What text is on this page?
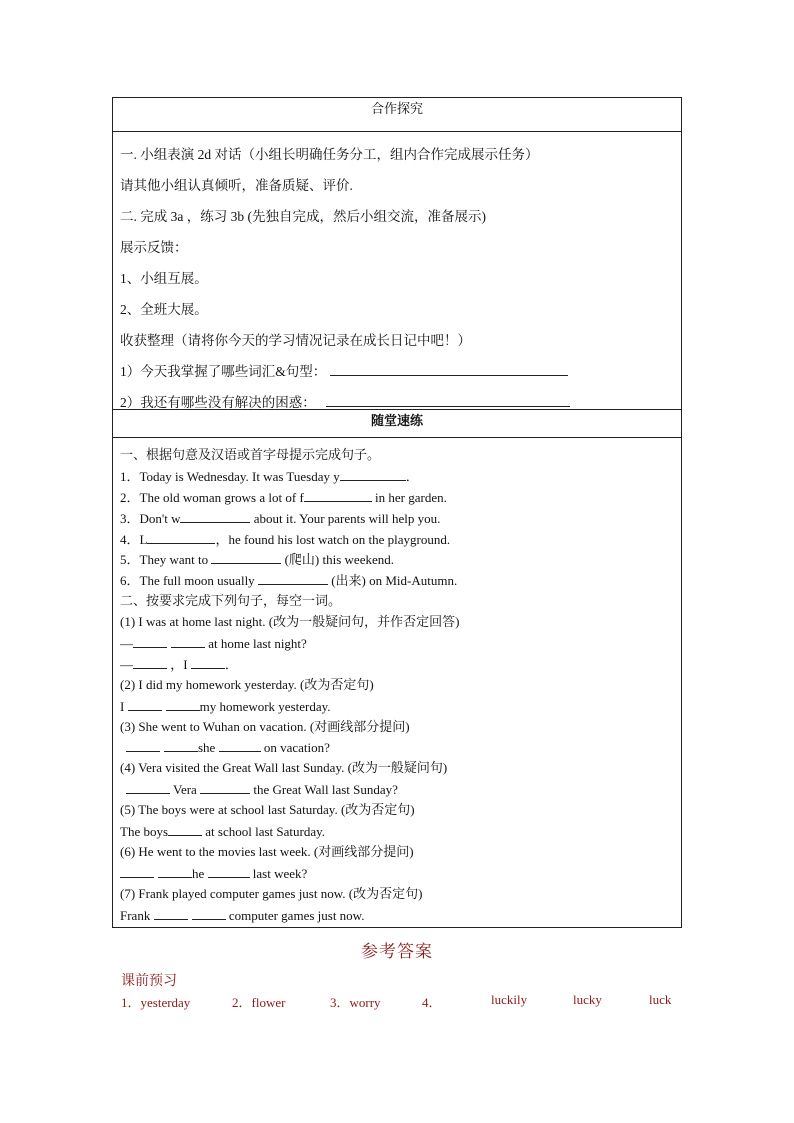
合作探究

一. 小组表演 2d 对话（小组长明确任务分工，组内合作完成展示任务）

请其他小组认真倾听，准备质疑、评价.

二. 完成 3a ，练习 3b (先独自完成，然后小组交流，准备展示)

展示反馈：

1、小组互展。

2、全班大展。

收获整理（请将你今天的学习情况记录在成长日记中吧！）

1）今天我掌握了哪些词汇&句型：

2）我还有哪些没有解决的困惑：

随堂速练

一、根据句意及汉语或首字母提示完成句子。

1．Today is Wednesday. It was Tuesday y	．

2．The old woman grows a lot of f	in her garden.

3．Don't w	about it. Your parents will help you.

4．L	，he found his lost watch on the playground.

5．They want to	(爬山) this weekend.

6．The full moon usually	(出来) on Mid-Autumn.

二、按要求完成下列句子，每空一词。

(1) I was at home last night. (改为一般疑问句，并作否定回答)

—	at home last night?

—	，I	．

(2) I did my homework yesterday. (改为否定句)

I	my homework yesterday.

(3) She went to Wuhan on vacation. (对画线部分提问)

she	on vacation?

(4) Vera visited the Great Wall last Sunday. (改为一般疑问句)

Vera	the Great Wall last Sunday?

(5) The boys were at school last Saturday. (改为否定句)

The boys	at school last Saturday.

(6) He went to the movies last week. (对画线部分提问)

he	last week?

(7) Frank played computer games just now. (改为否定句)

Frank	computer games just now.

参考答案
课前预习
1．yesterday	2．flower	3．worry	4．	luckily	lucky	luck
